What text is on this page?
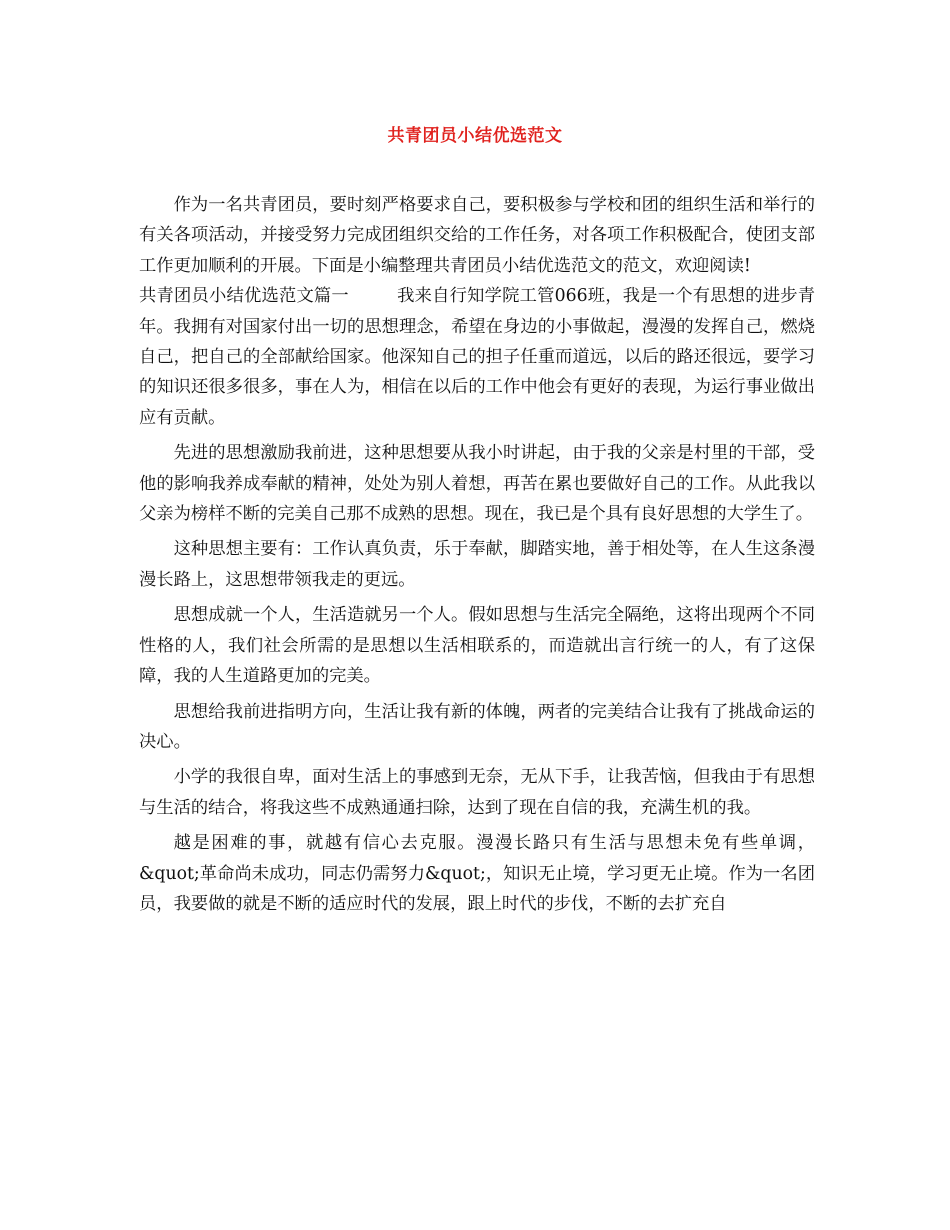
共青团员小结优选范文

作为一名共青团员，要时刻严格要求自己，要积极参与学校和团的组织生活和举行的有关各项活动，并接受努力完成团组织交给的工作任务，对各项工作积极配合，使团支部工作更加顺利的开展。下面是小编整理共青团员小结优选范文的范文，欢迎阅读!

共青团员小结优选范文篇一	我来自行知学院工管066班，我是一个有思想的进步青年。我拥有对国家付出一切的思想理念，希望在身边的小事做起，漫漫的发挥自己，燃烧自己，把自己的全部献给国家。他深知自己的担子任重而道远，以后的路还很远，要学习的知识还很多很多，事在人为，相信在以后的工作中他会有更好的表现，为运行事业做出应有贡献。

先进的思想激励我前进，这种思想要从我小时讲起，由于我的父亲是村里的干部，受他的影响我养成奉献的精神，处处为别人着想，再苦在累也要做好自己的工作。从此我以父亲为榜样不断的完美自己那不成熟的思想。现在，我已是个具有良好思想的大学生了。

这种思想主要有：工作认真负责，乐于奉献，脚踏实地，善于相处等，在人生这条漫漫长路上，这思想带领我走的更远。

思想成就一个人，生活造就另一个人。假如思想与生活完全隔绝，这将出现两个不同性格的人，我们社会所需的是思想以生活相联系的，而造就出言行统一的人，有了这保障，我的人生道路更加的完美。

思想给我前进指明方向，生活让我有新的体魄，两者的完美结合让我有了挑战命运的决心。

小学的我很自卑，面对生活上的事感到无奈，无从下手，让我苦恼，但我由于有思想与生活的结合，将我这些不成熟通通扫除，达到了现在自信的我，充满生机的我。

越是困难的事，就越有信心去克服。漫漫长路只有生活与思想未免有些单调，&quot;革命尚未成功，同志仍需努力&quot;，知识无止境，学习更无止境。作为一名团员，我要做的就是不断的适应时代的发展，跟上时代的步伐，不断的去扩充自
